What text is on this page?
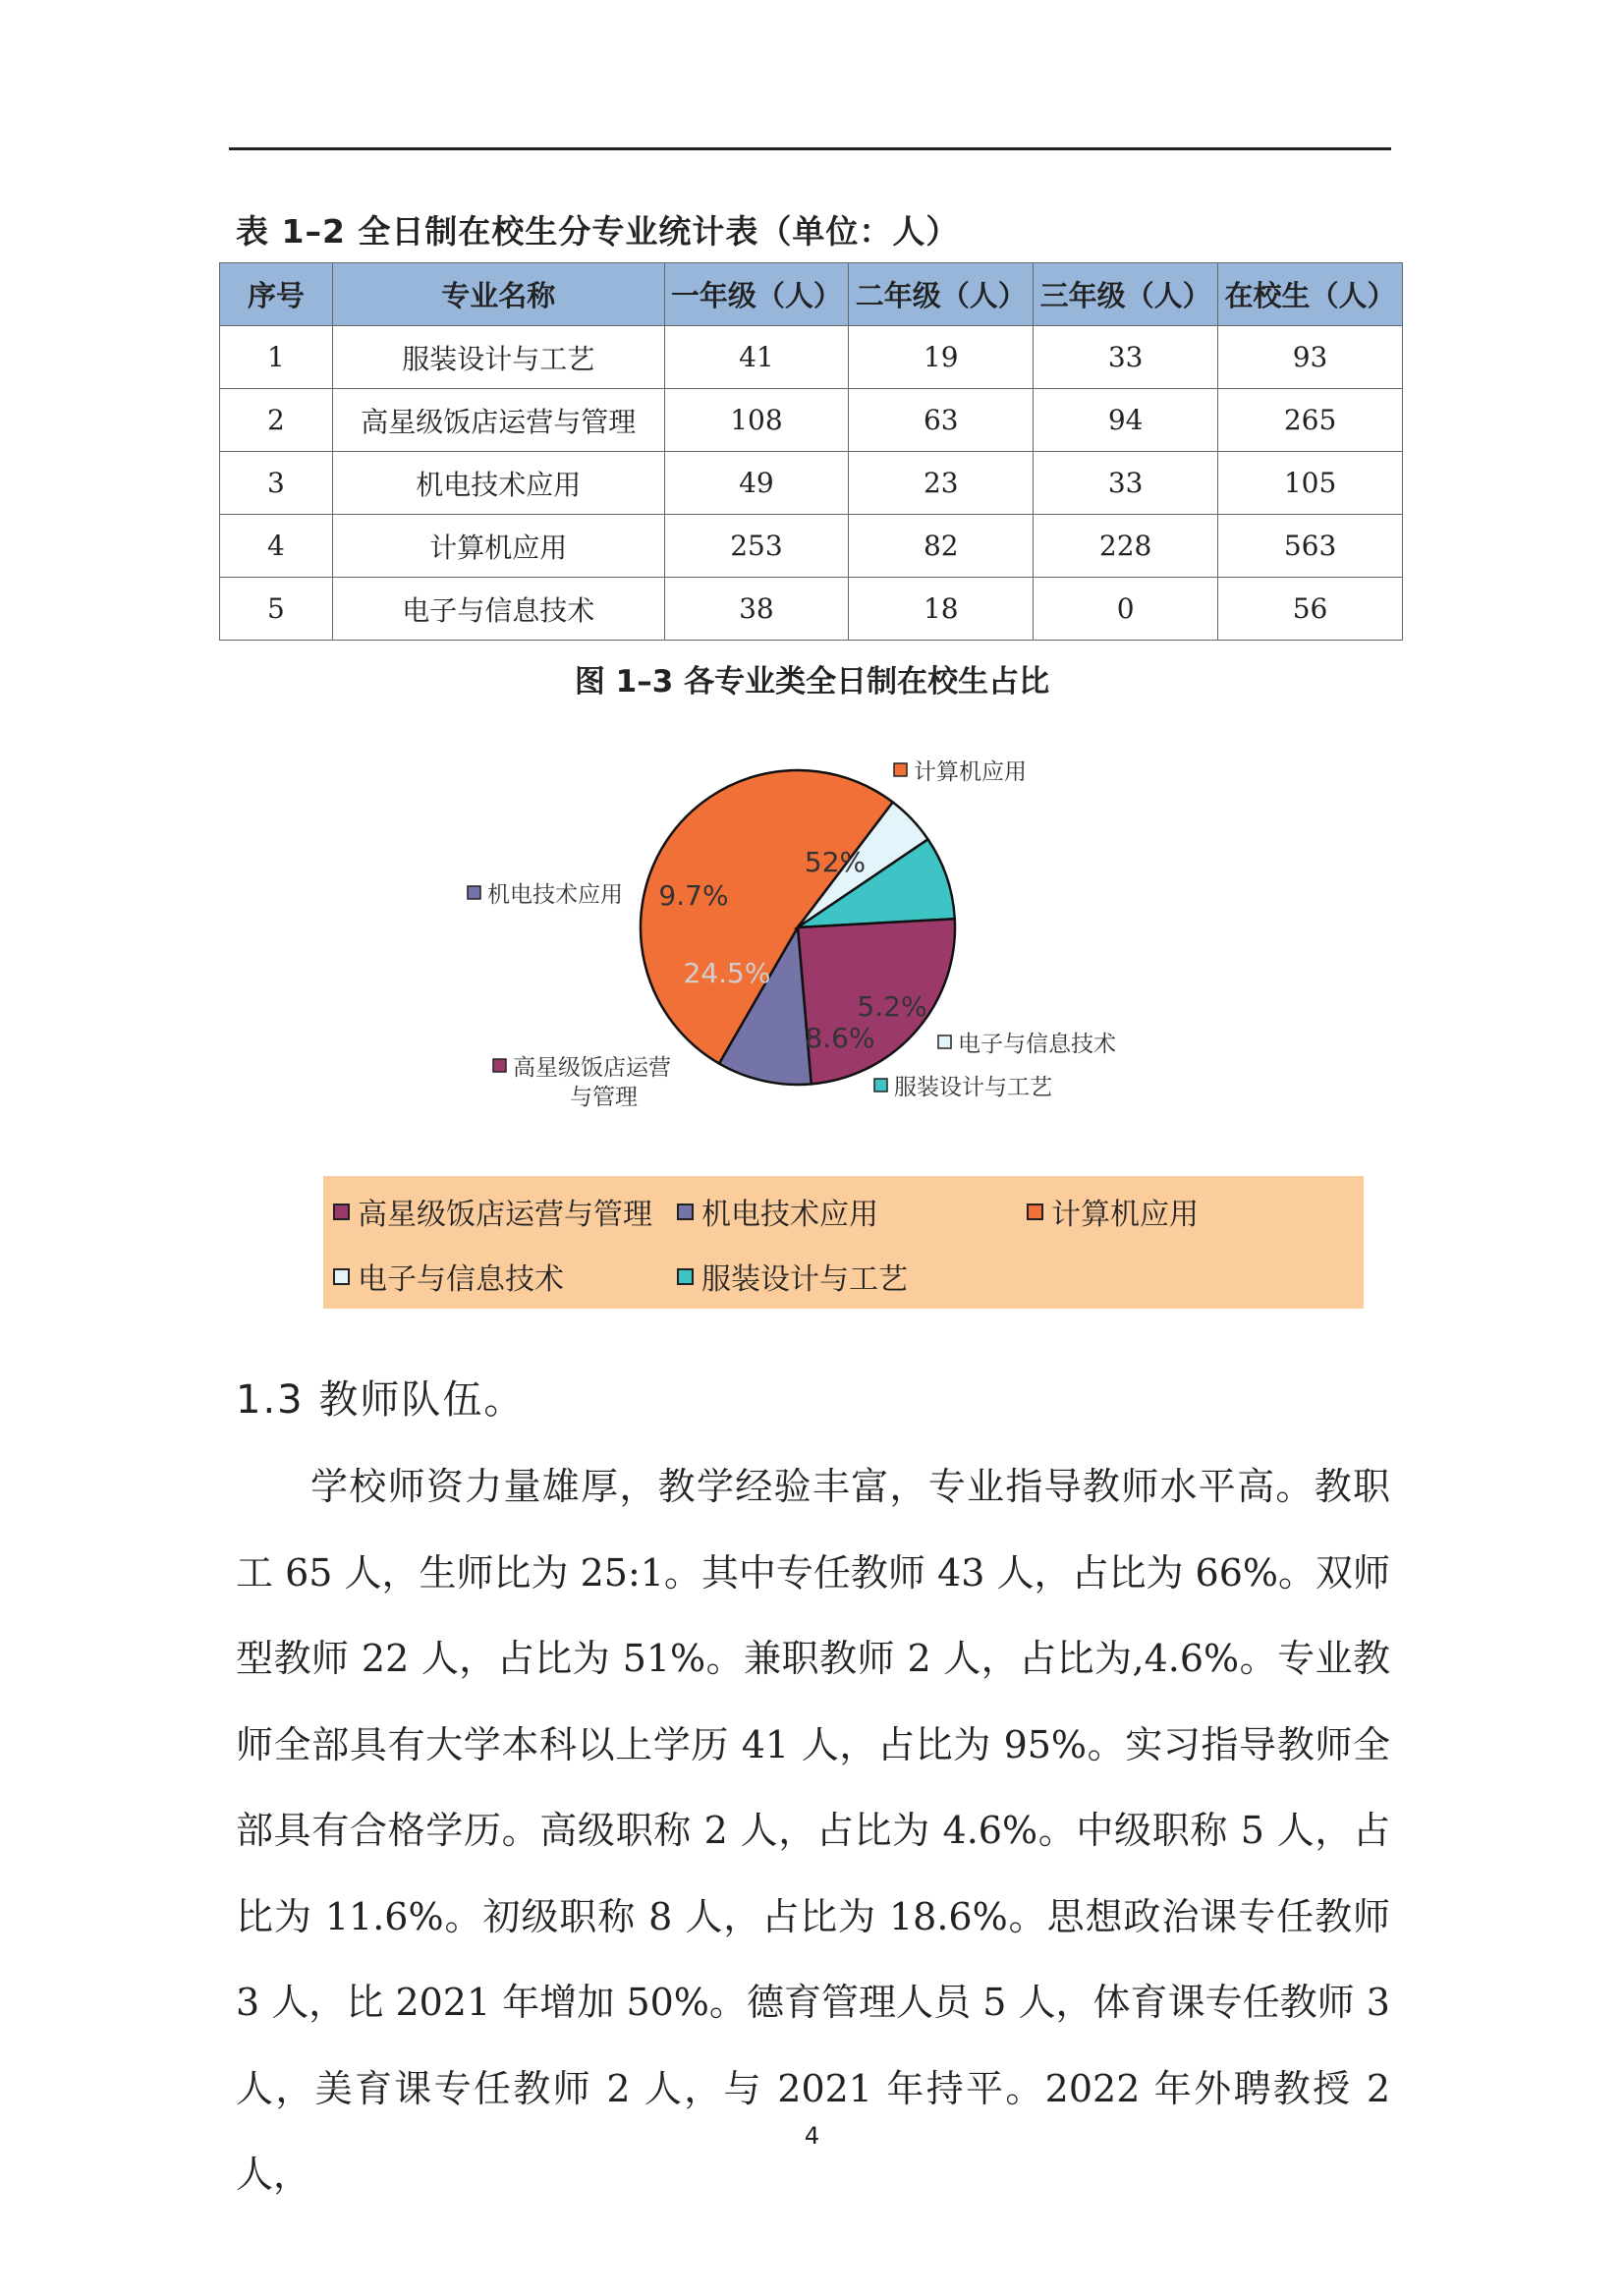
表 1–2 全日制在校生分专业统计表（单位：人）
序号	专业名称	一年级（人）	二年级（人）	三年级（人）	在校生（人）
1	服装设计与工艺	41	19	33	93
2	高星级饭店运营与管理	108	63	94	265
3	机电技术应用	49	23	33	105
4	计算机应用	253	82	228	563
5	电子与信息技术	38	18	0	56
图 1–3 各专业类全日制在校生占比
52%
5.2%
8.6%
24.5%
9.7%
计算机应用
电子与信息技术
服装设计与工艺
高星级饭店运营与管理
机电技术应用
高星级饭店运营与管理 机电技术应用	计算机应用
电子与信息技术	服装设计与工艺
1.3 教师队伍。

学校师资力量雄厚，教学经验丰富，专业指导教师水平高。教职工 65 人，生师比为 25:1。其中专任教师 43 人，占比为 66%。双师型教师 22 人，占比为 51%。兼职教师 2 人，占比为,4.6%。专业教师全部具有大学本科以上学历 41 人，占比为 95%。实习指导教师全部具有合格学历。高级职称 2 人，占比为 4.6%。中级职称 5 人，占比为 11.6%。初级职称 8 人，占比为 18.6%。思想政治课专任教师 3 人，比 2021 年增加 50%。德育管理人员 5 人，体育课专任教师 3 人，美育课专任教师 2 人，与 2021 年持平。2022 年外聘教授 2 人，

4
